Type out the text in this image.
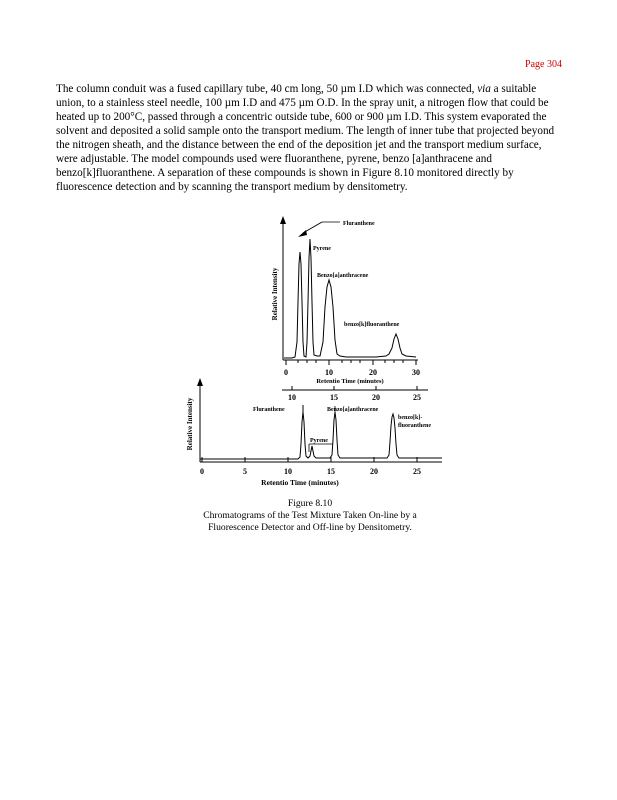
Page 304
The column conduit was a fused capillary tube, 40 cm long, 50 µm I.D which was connected, via a suitable union, to a stainless steel needle, 100 µm I.D and 475 µm O.D. In the spray unit, a nitrogen flow that could be heated up to 200°C, passed through a concentric outside tube, 600 or 900 µm I.D. This system evaporated the solvent and deposited a solid sample onto the transport medium. The length of inner tube that projected beyond the nitrogen sheath, and the distance between the end of the deposition jet and the transport medium surface, were adjustable. The model compounds used were fluoranthene, pyrene, benzo [a]anthracene and benzo[k]fluoranthene. A separation of these compounds is shown in Figure 8.10 monitored directly by fluorescence detection and by scanning the transport medium by densitometry.
0	10	20	30
Retentio Time (minutes)
Relative Intensity
Fluranthene
Pyrene
Benzo[a]anthracene
benzo[k]fluoranthene
10	15	20	25
0	5	10	15	20	25
Retentio Time (minutes)
Relative Intensity	Fluranthene
Pyrene
Benzo[a]anthracene
benzo[k]-
fluoranthene
Figure 8.10
Chromatograms of the Test Mixture Taken On-line by a
Fluorescence Detector and Off-line by Densitometry.
